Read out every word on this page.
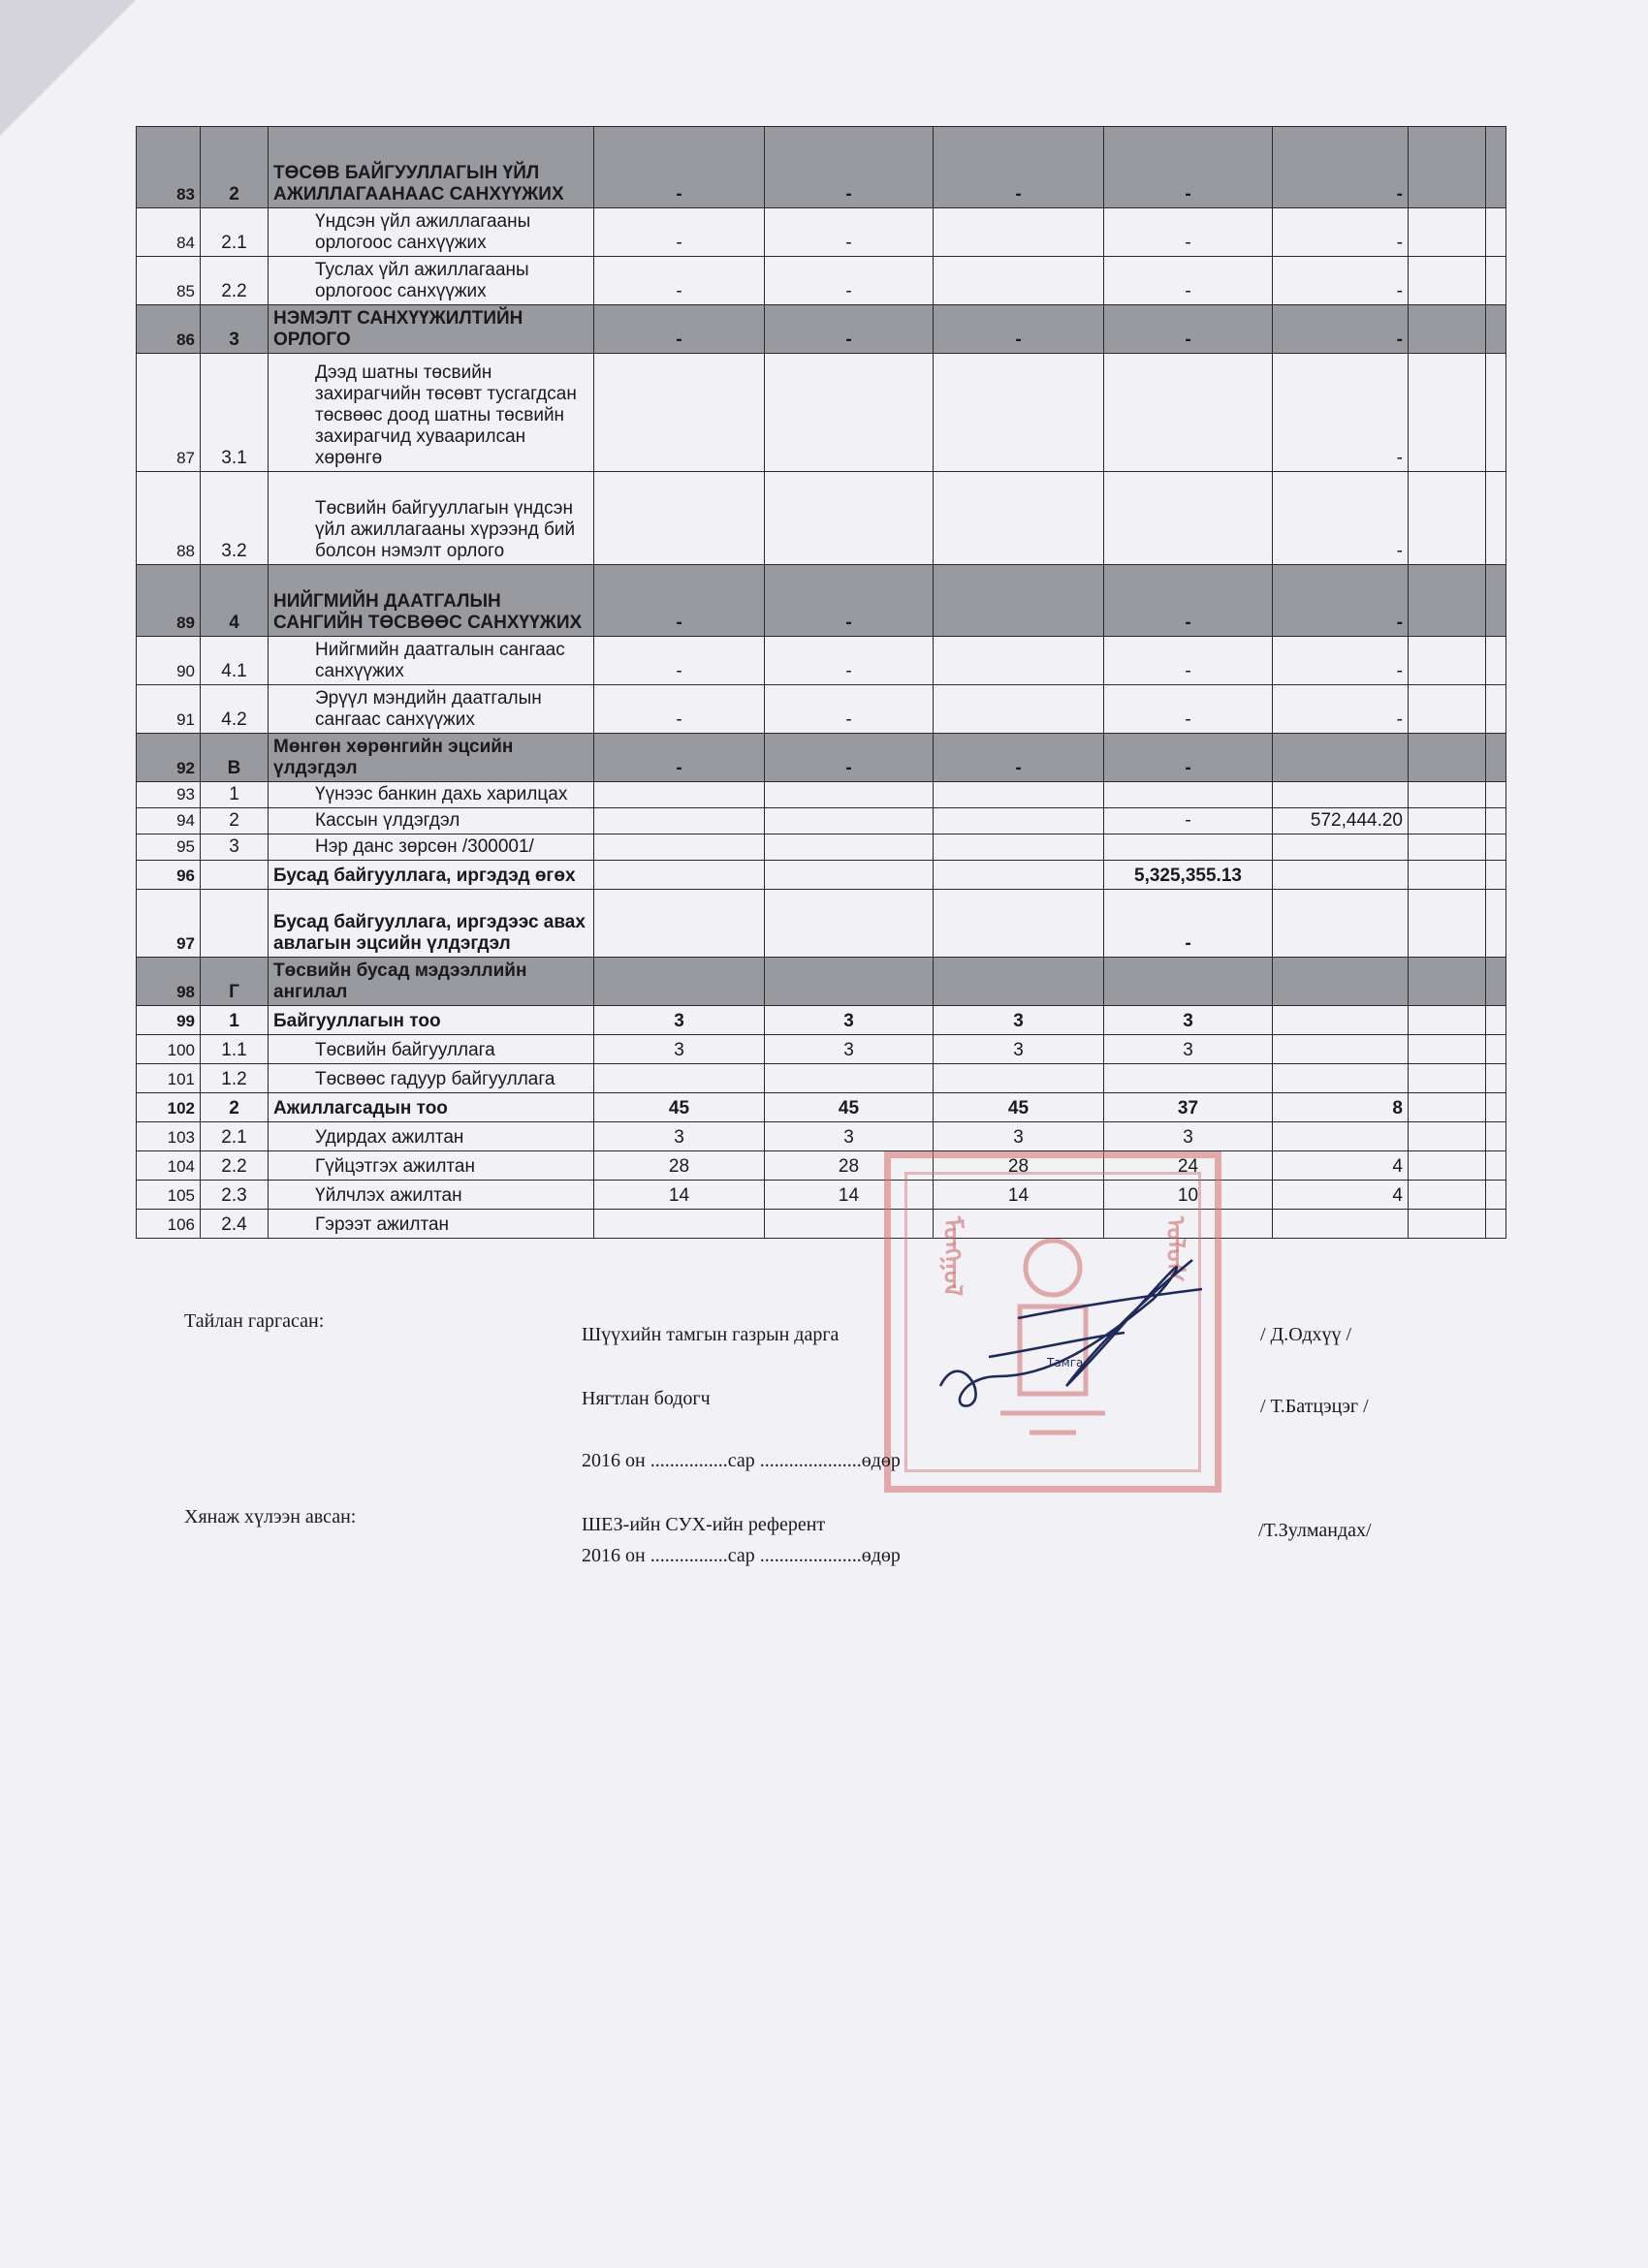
83	2	ТӨСӨВ БАЙГУУЛЛАГЫН ҮЙЛ АЖИЛЛАГААНААС САНХҮҮЖИХ	-	-	-	-	-		
84	2.1	Үндсэн үйл ажиллагааны орлогоос санхүүжих	-	-		-	-		
85	2.2	Туслах үйл ажиллагааны орлогоос санхүүжих	-	-		-	-		
86	3	НЭМЭЛТ САНХҮҮЖИЛТИЙН ОРЛОГО	-	-	-	-	-		
87	3.1	Дээд шатны төсвийн захирагчийн төсөвт тусгагдсан төсвөөс доод шатны төсвийн захирагчид хуваарилсан хөрөнгө					-		
88	3.2	Төсвийн байгууллагын үндсэн үйл ажиллагааны хүрээнд бий болсон нэмэлт орлого					-		
89	4	НИЙГМИЙН ДААТГАЛЫН САНГИЙН ТӨСВӨӨС САНХҮҮЖИХ	-	-		-	-		
90	4.1	Нийгмийн даатгалын сангаас санхүүжих	-	-		-	-		
91	4.2	Эрүүл мэндийн даатгалын сангаас санхүүжих	-	-		-	-		
92	В	Мөнгөн хөрөнгийн эцсийн үлдэгдэл	-	-	-	-			
93	1	Үүнээс банкин дахь харилцах							
94	2	Кассын үлдэгдэл				-	572,444.20		
95	3	Нэр данс зөрсөн /300001/							
96		Бусад байгууллага, иргэдэд өгөх				5,325,355.13			
97		Бусад байгууллага, иргэдээс авах авлагын эцсийн үлдэгдэл				-			
98	Г	Төсвийн бусад мэдээллийн ангилал							
99	1	Байгууллагын тоо	3	3	3	3			
100	1.1	Төсвийн байгууллага	3	3	3	3			
101	1.2	Төсвөөс гадуур байгууллага							
102	2	Ажиллагсадын тоо	45	45	45	37	8		
103	2.1	Удирдах ажилтан	3	3	3	3			
104	2.2	Гүйцэтгэх ажилтан	28	28	28	24	4		
105	2.3	Үйлчлэх ажилтан	14	14	14	10	4		
106	2.4	Гэрээт ажилтан								ᠮᠣᠩᠭᠣᠯ	ᠤᠯᠤᠰ
Тамга
Тайлан гаргасан:
Шүүхийн тамгын газрын дарга	/ Д.Одхүү /
Нягтлан бодогч	/ Т.Батцэцэг /
2016 он ................сар .....................өдөр
Хянаж хүлээн авсан:	ШЕЗ-ийн СУХ-ийн референт	/Т.Зулмандах/
2016 он ................сар .....................өдөр
